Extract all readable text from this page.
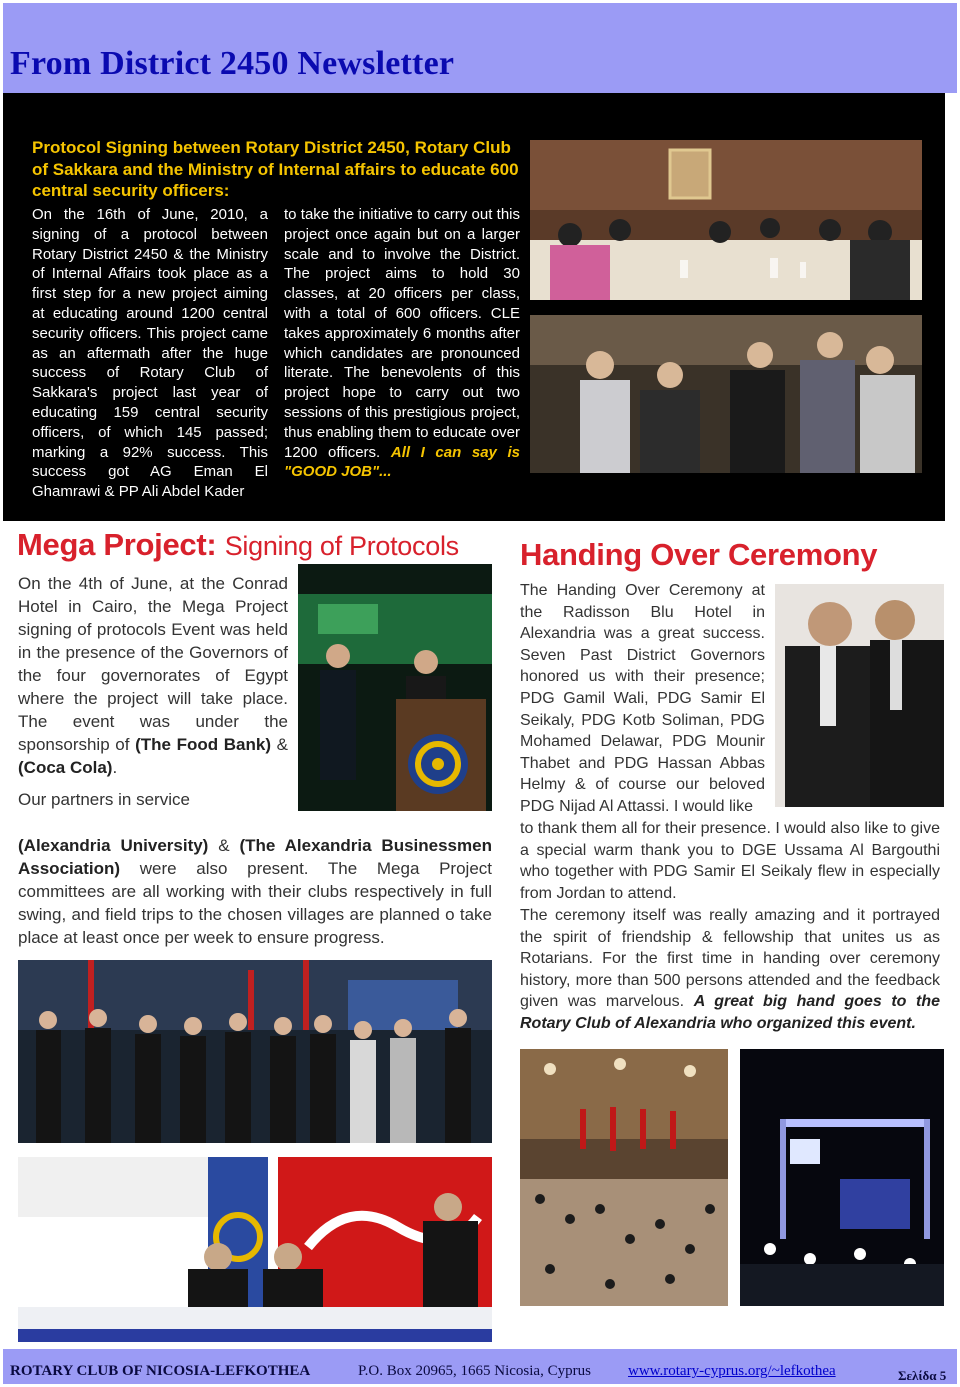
From District 2450 Newsletter
Protocol Signing between Rotary District 2450, Rotary Club of Sakkara and the Ministry of Internal affairs to educate 600 central security officers:
On the 16th of June, 2010, a signing of a protocol between Rotary District 2450 & the Ministry of Internal Affairs took place as a first step for a new project aiming at educating around 1200 central security officers. This project came as an aftermath after the huge success of Rotary Club of Sakkara's project last year of educating 159 central security officers, of which 145 passed; marking a 92% success. This success got AG Eman El Ghamrawi & PP Ali Abdel Kader
to take the initiative to carry out this project once again but on a larger scale and to involve the District. The project aims to hold 30 classes, at 20 officers per class, with a total of 600 officers. CLE takes approximately 6 months after which candidates are pronounced literate. The benevolents of this project hope to carry out two sessions of this prestigious project, thus enabling them to educate over 1200 officers. All I can say is "GOOD JOB"...
Mega Project: Signing of Protocols
On the 4th of June, at the Conrad Hotel in Cairo, the Mega Project signing of protocols Event was held in the presence of the Governors of the four governorates of Egypt where the project will take place. The event was under the sponsorship of (The Food Bank) & (Coca Cola).
Our partners in service
(Alexandria University) & (The Alexandria Businessmen Association) were also present. The Mega Project committees are all working with their clubs respectively in full swing, and field trips to the chosen villages are planned o take place at least once per week to ensure progress.
Handing Over Ceremony
The Handing Over Ceremony at the Radisson Blu Hotel in Alexandria was a great success. Seven Past District Governors honored us with their presence; PDG Gamil Wali, PDG Samir El Seikaly, PDG Kotb Soliman, PDG Mohamed Delawar, PDG Mounir Thabet and PDG Hassan Abbas Helmy & of course our beloved PDG Nijad Al Attassi. I would like
to thank them all for their presence. I would also like to give a special warm thank you to DGE Ussama Al Bargouthi who together with PDG Samir El Seikaly flew in especially from Jordan to attend.
The ceremony itself was really amazing and it portrayed the spirit of friendship & fellowship that unites us as Rotarians. For the first time in handing over ceremony history, more than 500 persons attended and the feedback given was marvelous. A great big hand goes to the Rotary Club of Alexandria who organized this event.
ROTARY CLUB OF NICOSIA-LEFKOTHEA	P.O. Box 20965, 1665 Nicosia, Cyprus www.rotary-cyprus.org/~lefkothea	Σελίδα 5
